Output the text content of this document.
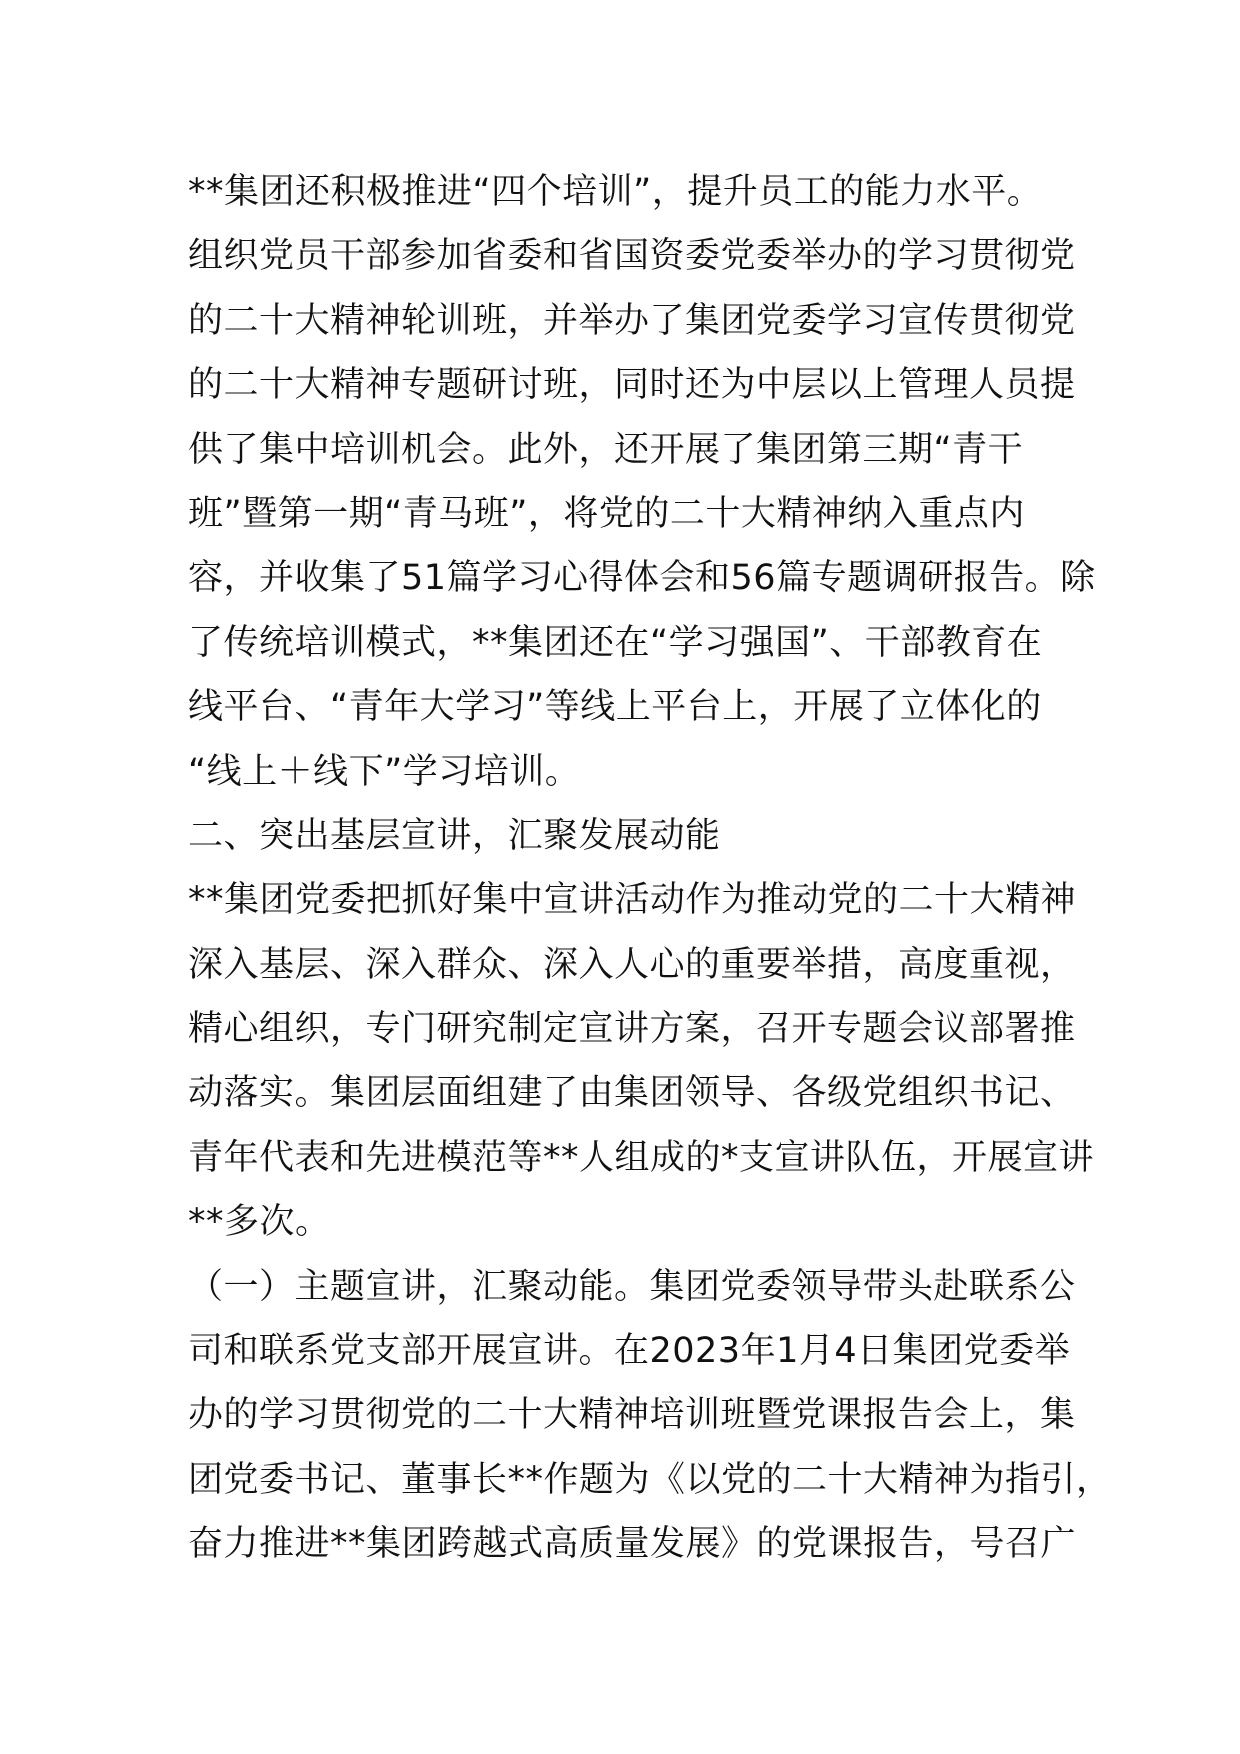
**集团还积极推进“四个培训”，提升员工的能力水平。
组织党员干部参加省委和省国资委党委举办的学习贯彻党
的二十大精神轮训班，并举办了集团党委学习宣传贯彻党
的二十大精神专题研讨班，同时还为中层以上管理人员提
供了集中培训机会。此外，还开展了集团第三期“青干
班”暨第一期“青马班”，将党的二十大精神纳入重点内
容，并收集了51篇学习心得体会和56篇专题调研报告。除
了传统培训模式，**集团还在“学习强国”、干部教育在
线平台、“青年大学习”等线上平台上，开展了立体化的
“线上＋线下”学习培训。
二、突出基层宣讲，汇聚发展动能
**集团党委把抓好集中宣讲活动作为推动党的二十大精神
深入基层、深入群众、深入人心的重要举措，高度重视，
精心组织，专门研究制定宣讲方案，召开专题会议部署推
动落实。集团层面组建了由集团领导、各级党组织书记、
青年代表和先进模范等**人组成的*支宣讲队伍，开展宣讲
**多次。
（一）主题宣讲，汇聚动能。集团党委领导带头赴联系公
司和联系党支部开展宣讲。在2023年1月4日集团党委举
办的学习贯彻党的二十大精神培训班暨党课报告会上，集
团党委书记、董事长**作题为《以党的二十大精神为指引，
奋力推进**集团跨越式高质量发展》的党课报告，号召广
